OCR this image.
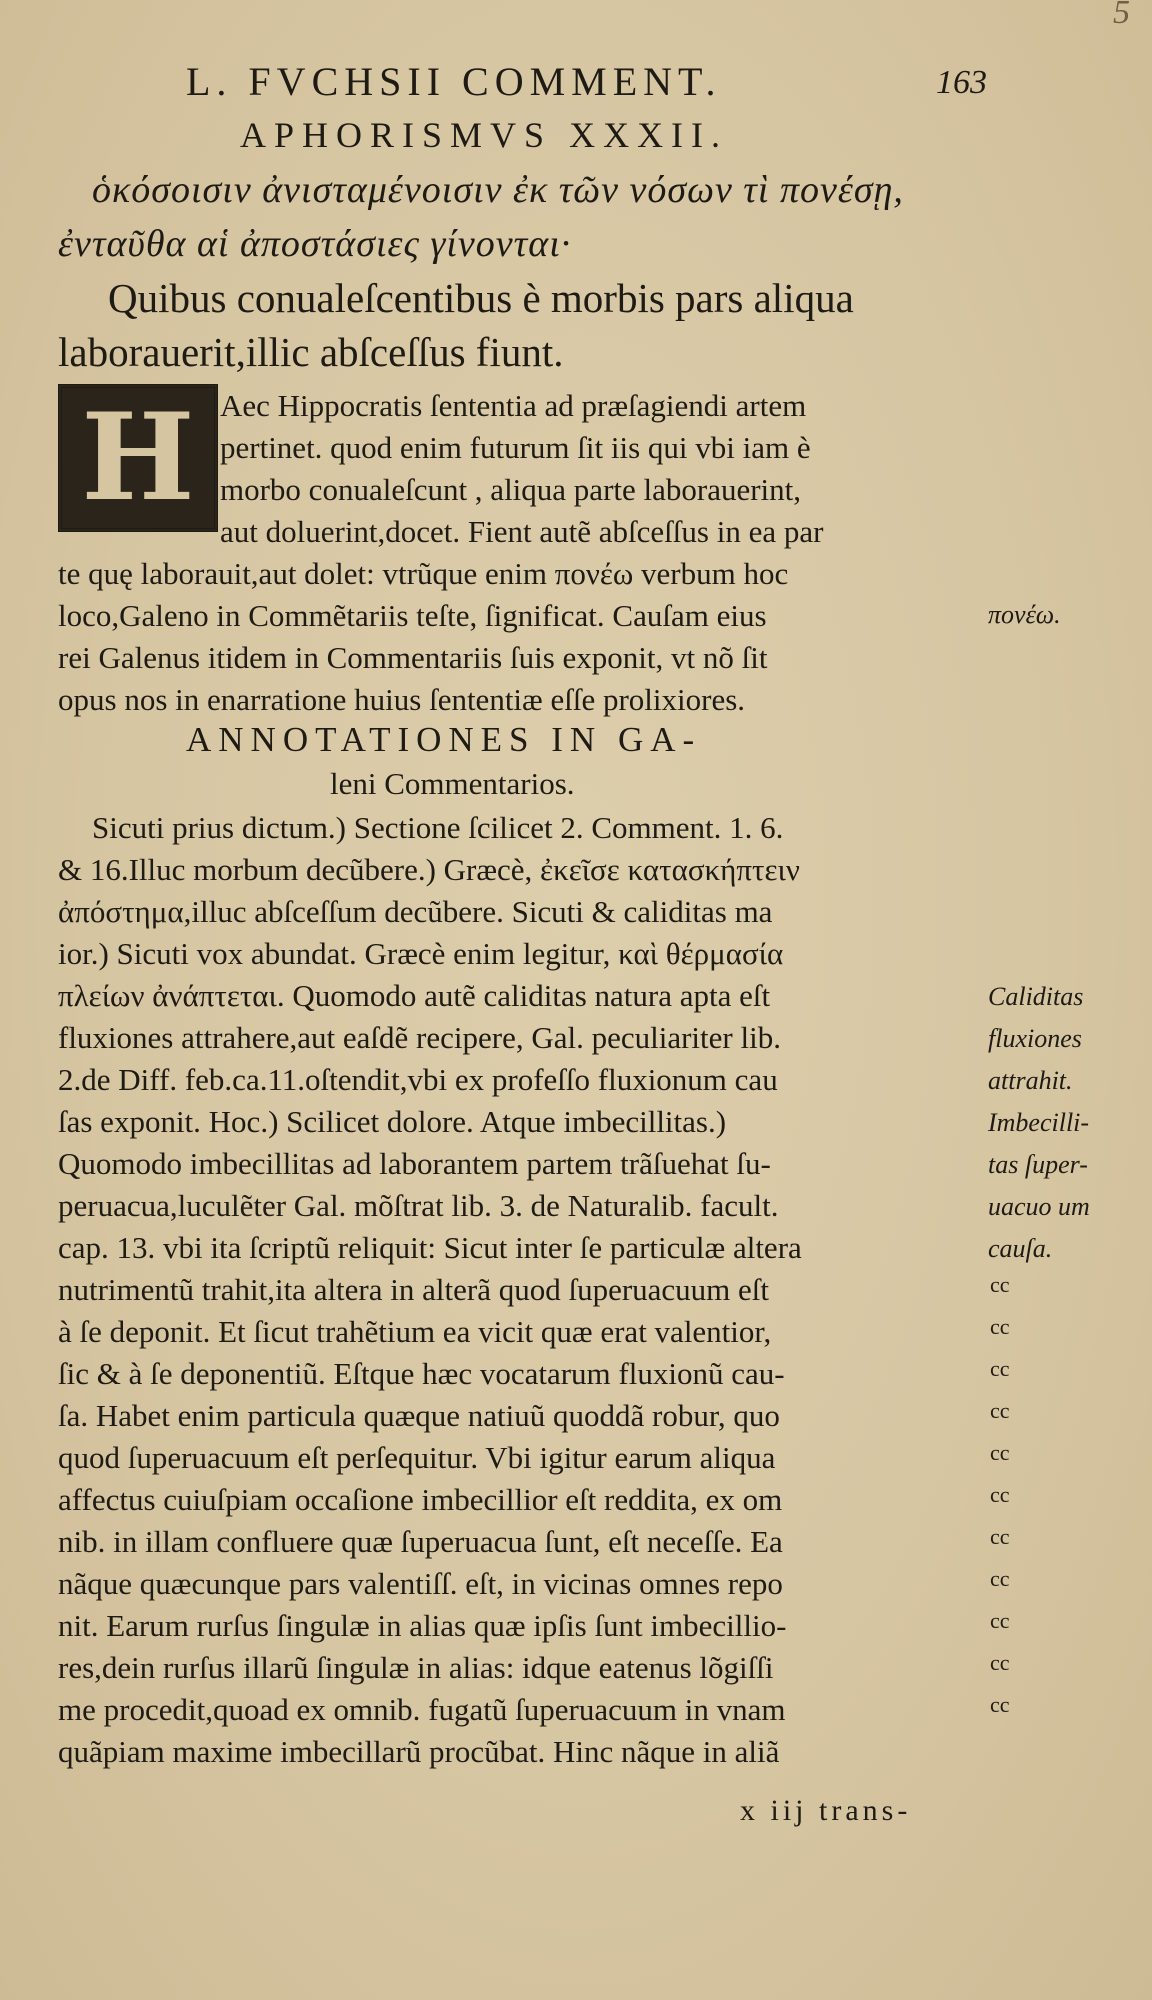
5
L. FVCHSII COMMENT.	163
APHORISMVS XXXII.
ὁκόσοισιν ἀνισταμένοισιν ἐκ τῶν νόσων τὶ πονέσῃ,
ἐνταῦθα αἱ ἀποστάσιες γίνονται·
Quibus conualeſcentibus è morbis pars aliqua
laborauerit,illic abſceſſus fiunt.
H Aec Hippocratis ſententia ad præſagiendi artem
pertinet. quod enim futurum ſit iis qui vbi iam è
morbo conualeſcunt , aliqua parte laborauerint,
aut doluerint,docet. Fient autẽ abſceſſus in ea par
te quę laborauit,aut dolet: vtrũque enim πονέω verbum hoc
loco,Galeno in Commẽtariis teſte, ſignificat. Cauſam eius
rei Galenus itidem in Commentariis ſuis exponit, vt nõ ſit
opus nos in enarratione huius ſententiæ eſſe prolixiores.
ANNOTATIONES IN GA-
leni Commentarios.
Sicuti prius dictum.) Sectione ſcilicet 2. Comment. 1. 6.
& 16.Illuc morbum decũbere.) Græcè, ἐκεῖσε κατασκήπτειν
ἀπόστημα,illuc abſceſſum decũbere. Sicuti & caliditas ma
ior.) Sicuti vox abundat. Græcè enim legitur, καὶ θέρμασία
πλείων ἀνάπτεται. Quomodo autẽ caliditas natura apta eſt
fluxiones attrahere,aut eaſdẽ recipere, Gal. peculiariter lib.
2.de Diff. feb.ca.11.oſtendit,vbi ex profeſſo fluxionum cau
ſas exponit. Hoc.) Scilicet dolore. Atque imbecillitas.)
Quomodo imbecillitas ad laborantem partem trãſuehat ſu-
peruacua,luculẽter Gal. mõſtrat lib. 3. de Naturalib. facult.
cap. 13. vbi ita ſcriptũ reliquit: Sicut inter ſe particulæ altera
nutrimentũ trahit,ita altera in alterã quod ſuperuacuum eſt
à ſe deponit. Et ſicut trahẽtium ea vicit quæ erat valentior,
ſic & à ſe deponentiũ. Eſtque hæc vocatarum fluxionũ cau-
ſa. Habet enim particula quæque natiuũ quoddã robur, quo
quod ſuperuacuum eſt perſequitur. Vbi igitur earum aliqua
affectus cuiuſpiam occaſione imbecillior eſt reddita, ex om
nib. in illam confluere quæ ſuperuacua ſunt, eſt neceſſe. Ea
nãque quæcunque pars valentiſſ. eſt, in vicinas omnes repo
nit. Earum rurſus ſingulæ in alias quæ ipſis ſunt imbecillio-
res,dein rurſus illarũ ſingulæ in alias: idque eatenus lõgiſſi
me procedit,quoad ex omnib. fugatũ ſuperuacuum in vnam
quãpiam maxime imbecillarũ procũbat. Hinc nãque in aliã
πονέω.
Caliditas
fluxiones
attrahit.
Imbecilli-
tas ſuper-
uacuo um
cauſa.
cc
cc
cc
cc
cc
cc
cc
cc
cc
cc
cc
x iij trans-
